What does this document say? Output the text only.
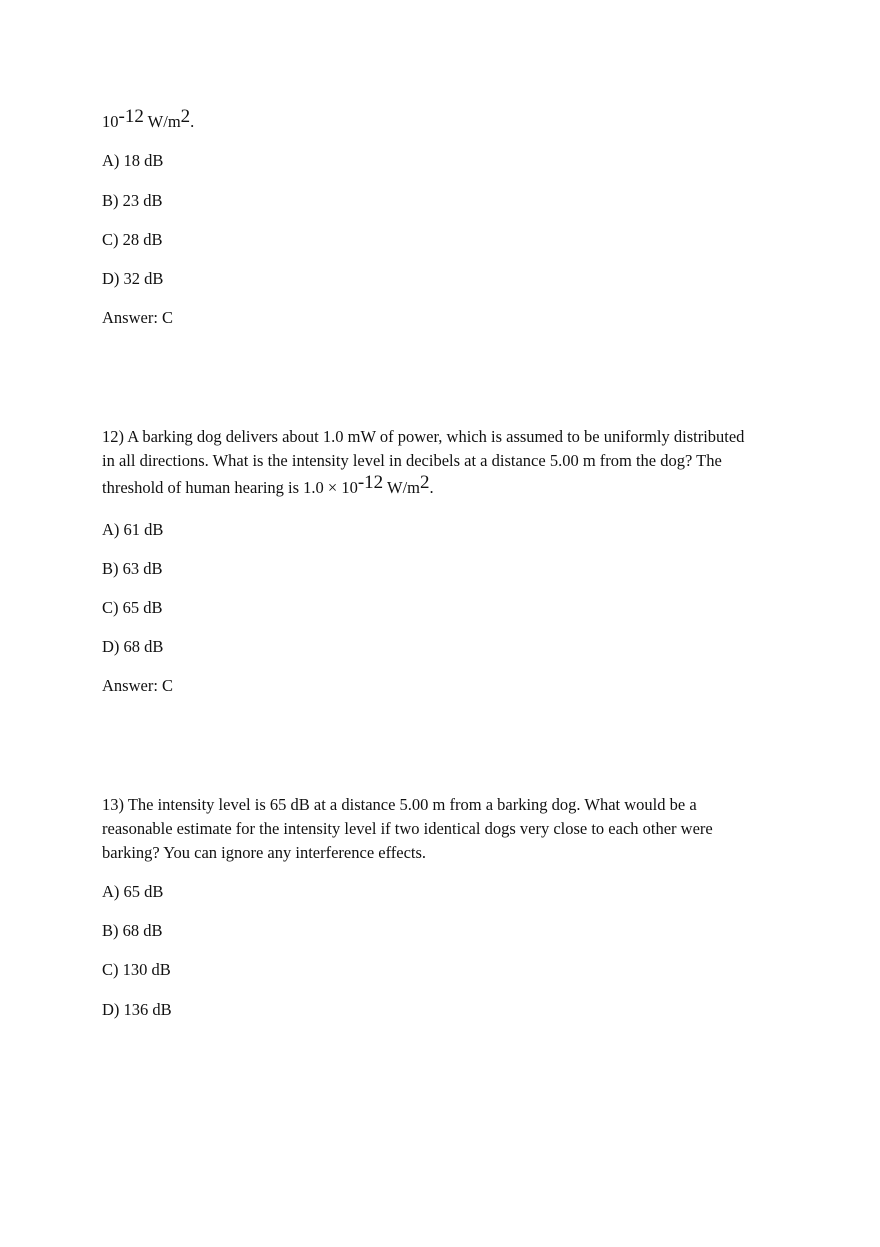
10-12 W/m2.
A) 18 dB
B) 23 dB
C) 28 dB
D) 32 dB
Answer: C
12) A barking dog delivers about 1.0 mW of power, which is assumed to be uniformly distributed
in all directions. What is the intensity level in decibels at a distance 5.00 m from the dog? The
threshold of human hearing is 1.0 × 10-12 W/m2.
A) 61 dB
B) 63 dB
C) 65 dB
D) 68 dB
Answer: C
13) The intensity level is 65 dB at a distance 5.00 m from a barking dog. What would be a
reasonable estimate for the intensity level if two identical dogs very close to each other were
barking? You can ignore any interference effects.
A) 65 dB
B) 68 dB
C) 130 dB
D) 136 dB
